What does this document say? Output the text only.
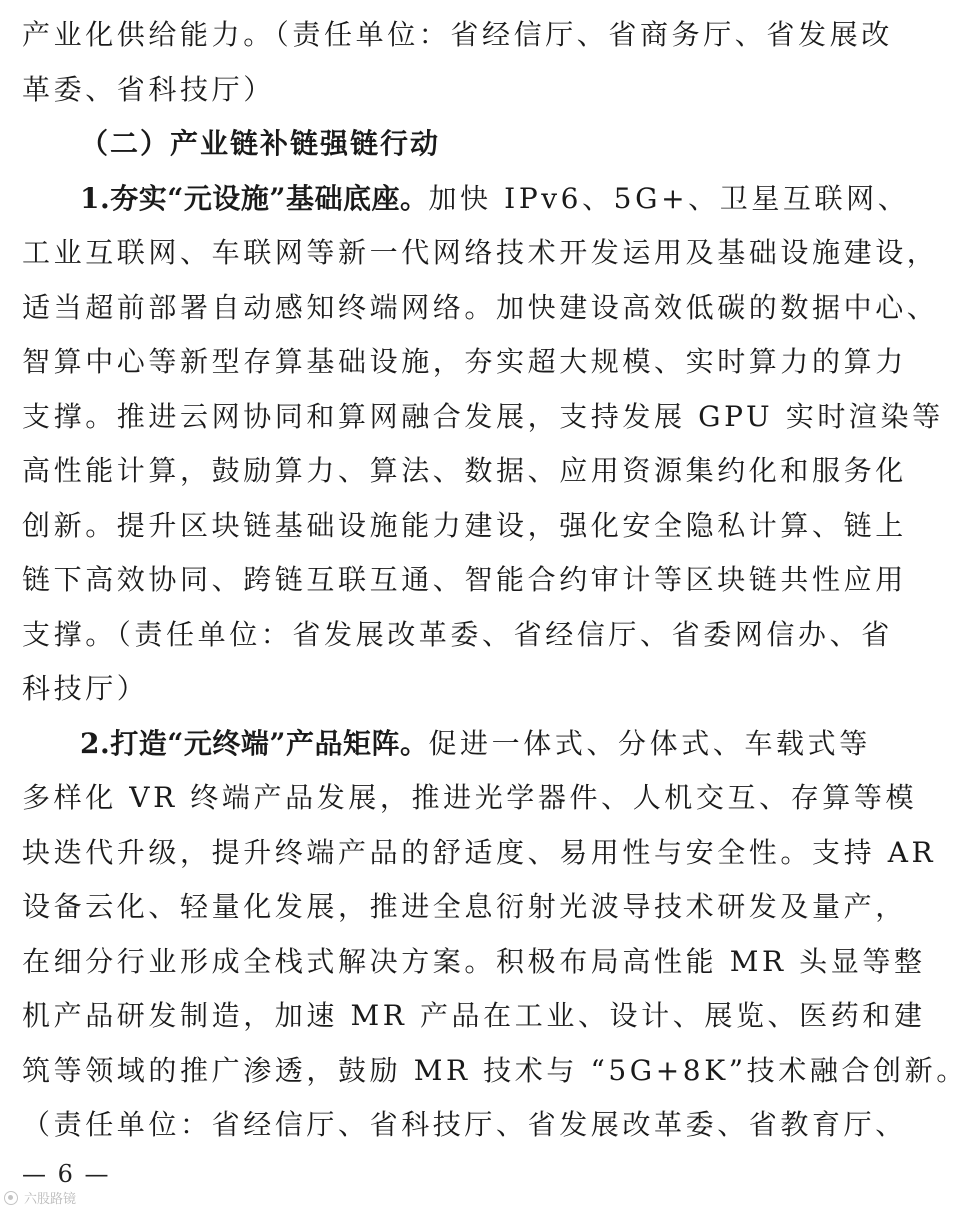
产业化供给能力。（责任单位：省经信厅、省商务厅、省发展改
革委、省科技厅）
（二）产业链补链强链行动
1.夯实“元设施”基础底座。加快 IPv6、5G+、卫星互联网、
工业互联网、车联网等新一代网络技术开发运用及基础设施建设，
适当超前部署自动感知终端网络。加快建设高效低碳的数据中心、
智算中心等新型存算基础设施，夯实超大规模、实时算力的算力
支撑。推进云网协同和算网融合发展，支持发展 GPU 实时渲染等
高性能计算，鼓励算力、算法、数据、应用资源集约化和服务化
创新。提升区块链基础设施能力建设，强化安全隐私计算、链上
链下高效协同、跨链互联互通、智能合约审计等区块链共性应用
支撑。（责任单位：省发展改革委、省经信厅、省委网信办、省
科技厅）
2.打造“元终端”产品矩阵。促进一体式、分体式、车载式等
多样化 VR 终端产品发展，推进光学器件、人机交互、存算等模
块迭代升级，提升终端产品的舒适度、易用性与安全性。支持 AR
设备云化、轻量化发展，推进全息衍射光波导技术研发及量产，
在细分行业形成全栈式解决方案。积极布局高性能 MR 头显等整
机产品研发制造，加速 MR 产品在工业、设计、展览、医药和建
筑等领域的推广渗透，鼓励 MR 技术与 “5G+8K”技术融合创新。
（责任单位：省经信厅、省科技厅、省发展改革委、省教育厅、
— 6 —
六股路镜
